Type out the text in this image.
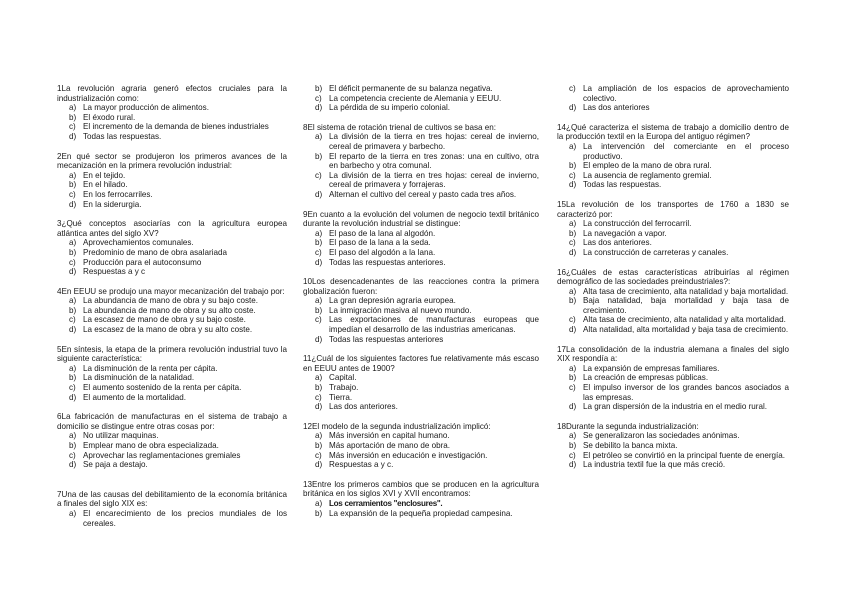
1La revolución agraria generó efectos cruciales para la industrialización como:
a) La mayor producción de alimentos.
b) El éxodo rural.
c) El incremento de la demanda de bienes industriales
d) Todas las respuestas.
2En qué sector se produjeron los primeros avances de la mecanización en la primera revolución industrial:
a) En el tejido.
b) En el hilado.
c) En los ferrocarriles.
d) En la siderurgia.
3¿Qué conceptos asociarías con la agricultura europea atlántica antes del siglo XV?
a) Aprovechamientos comunales.
b) Predominio de mano de obra asalariada
c) Producción para el autoconsumo
d) Respuestas a y c
4En EEUU se produjo una mayor mecanización del trabajo por:
a) La abundancia de mano de obra y su bajo coste.
b) La abundancia de mano de obra y su alto coste.
c) La escasez de mano de obra y su bajo coste.
d) La escasez de la mano de obra y su alto coste.
5En síntesis, la etapa de la primera revolución industrial tuvo la siguiente característica:
a) La disminución de la renta per cápita.
b) La disminución de la natalidad.
c) El aumento sostenido de la renta per cápita.
d) El aumento de la mortalidad.
6La fabricación de manufacturas en el sistema de trabajo a domicilio se distingue entre otras cosas por:
a) No utilizar maquinas.
b) Emplear mano de obra especializada.
c) Aprovechar las reglamentaciones gremiales
d) Se paja a destajo.
7Una de las causas del debilitamiento de la economía británica a finales del siglo XIX es:
a) El encarecimiento de los precios mundiales de los cereales.
b) El déficit permanente de su balanza negativa.
c) La competencia creciente de Alemania y EEUU.
d) La pérdida de su imperio colonial.
8El sistema de rotación trienal de cultivos se basa en:
a) La división de la tierra en tres hojas: cereal de invierno, cereal de primavera y barbecho.
b) El reparto de la tierra en tres zonas: una en cultivo, otra en barbecho y otra comunal.
c) La división de la tierra en tres hojas: cereal de invierno, cereal de primavera y forrajeras.
d) Alternan el cultivo del cereal y pasto cada tres años.
9En cuanto a la evolución del volumen de negocio textil británico durante la revolución industrial se distingue:
a) El paso de la lana al algodón.
b) El paso de la lana a la seda.
c) El paso del algodón a la lana.
d) Todas las respuestas anteriores.
10Los desencadenantes de las reacciones contra la primera globalización fueron:
a) La gran depresión agraria europea.
b) La inmigración masiva al nuevo mundo.
c) Las exportaciones de manufacturas europeas que impedían el desarrollo de las industrias americanas.
d) Todas las respuestas anteriores
11¿Cuál de los siguientes factores fue relativamente más escaso en EEUU antes de 1900?
a) Capital.
b) Trabajo.
c) Tierra.
d) Las dos anteriores.
12El modelo de la segunda industrialización implicó:
a) Más inversión en capital humano.
b) Más aportación de mano de obra.
c) Más inversión en educación e investigación.
d) Respuestas a y c.
13Entre los primeros cambios que se producen en la agricultura británica en los siglos XVI y XVII encontramos:
a) Los cerramientos "enclosures".
b) La expansión de la pequeña propiedad campesina.
c) La ampliación de los espacios de aprovechamiento colectivo.
d) Las dos anteriores
14¿Qué caracteriza el sistema de trabajo a domicilio dentro de la producción textil en la Europa del antiguo régimen?
a) La intervención del comerciante en el proceso productivo.
b) El empleo de la mano de obra rural.
c) La ausencia de reglamento gremial.
d) Todas las respuestas.
15La revolución de los transportes de 1760 a 1830 se caracterizó por:
a) La construcción del ferrocarril.
b) La navegación a vapor.
c) Las dos anteriores.
d) La construcción de carreteras y canales.
16¿Cuáles de estas características atribuirías al régimen demográfico de las sociedades preindustriales?:
a) Alta tasa de crecimiento, alta natalidad y baja mortalidad.
b) Baja natalidad, baja mortalidad y baja tasa de crecimiento.
c) Alta tasa de crecimiento, alta natalidad y alta mortalidad.
d) Alta natalidad, alta mortalidad y baja tasa de crecimiento.
17La consolidación de la industria alemana a finales del siglo XIX respondía a:
a) La expansión de empresas familiares.
b) La creación de empresas públicas.
c) El impulso inversor de los grandes bancos asociados a las empresas.
d) La gran dispersión de la industria en el medio rural.
18Durante la segunda industrialización:
a) Se generalizaron las sociedades anónimas.
b) Se debilito la banca mixta.
c) El petróleo se convirtió en la principal fuente de energía.
d) La industria textil fue la que más creció.
